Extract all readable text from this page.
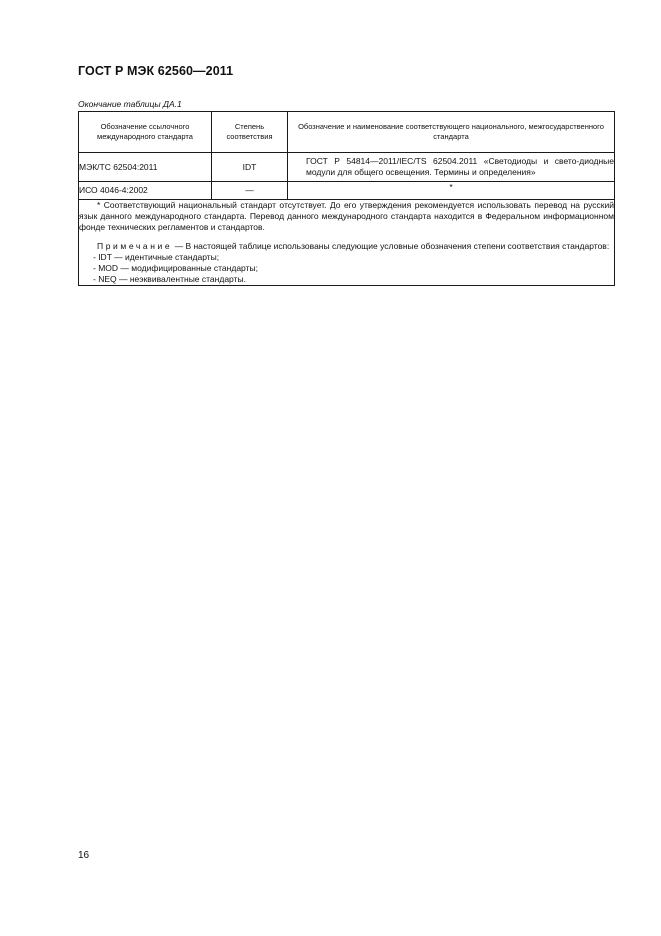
ГОСТ Р МЭК 62560—2011
Окончание таблицы ДА.1
Обозначение ссылочного международного стандарта	Степень соответствия	Обозначение и наименование соответствующего национального, межгосударственного стандарта
МЭК/ТС 62504:2011	IDT	ГОСТ Р 54814—2011/IEC/TS 62504.2011 «Светодиоды и свето-диодные модули для общего освещения. Термины и определения»

ИСО 4046-4:2002	—	*

* Соответствующий национальный стандарт отсутствует. До его утверждения рекомендуется использовать перевод на русский язык данного международного стандарта. Перевод данного международного стандарта находится в Федеральном информационном фонде технических регламентов и стандартов.

Примечание — В настоящей таблице использованы следующие условные обозначения степени соответствия стандартов:

- IDT — идентичные стандарты;

- MOD — модифицированные стандарты;

- NEQ — неэквивалентные стандарты.		

16
